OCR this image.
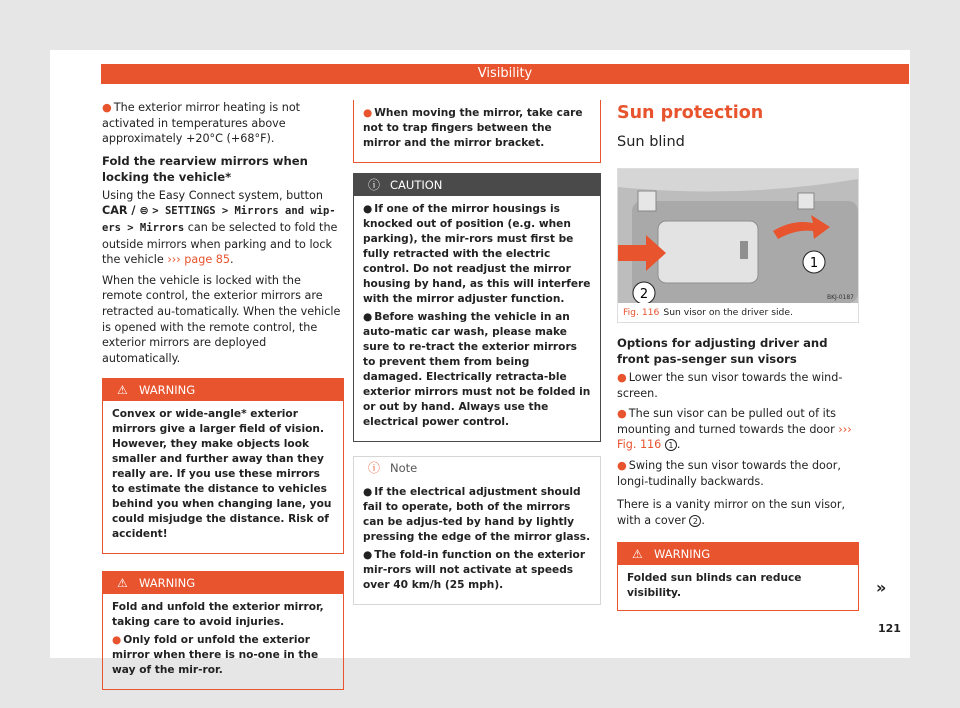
Visibility

● The exterior mirror heating is not activated in temperatures above approximately +20°C (+68°F).

Fold the rearview mirrors when locking the vehicle*

Using the Easy Connect system, button CAR / ⊜ > SETTINGS > Mirrors and wip-ers > Mirrors can be selected to fold the outside mirrors when parking and to lock the vehicle ››› page 85.

When the vehicle is locked with the remote control, the exterior mirrors are retracted au-tomatically. When the vehicle is opened with the remote control, the exterior mirrors are deployed automatically.

⚠ WARNING

Convex or wide-angle* exterior mirrors give a larger field of vision. However, they make objects look smaller and further away than they really are. If you use these mirrors to estimate the distance to vehicles behind you when changing lane, you could misjudge the distance. Risk of accident!

⚠ WARNING

Fold and unfold the exterior mirror, taking care to avoid injuries.

● Only fold or unfold the exterior mirror when there is no-one in the way of the mir-ror.

● When moving the mirror, take care not to trap fingers between the mirror and the mirror bracket.

ⓘ CAUTION

● If one of the mirror housings is knocked out of position (e.g. when parking), the mir-rors must first be fully retracted with the electric control. Do not readjust the mirror housing by hand, as this will interfere with the mirror adjuster function.

● Before washing the vehicle in an auto-matic car wash, please make sure to re-tract the exterior mirrors to prevent them from being damaged. Electrically retracta-ble exterior mirrors must not be folded in or out by hand. Always use the electrical power control.

ⓘ Note

● If the electrical adjustment should fail to operate, both of the mirrors can be adjus-ted by hand by lightly pressing the edge of the mirror glass.

● The fold-in function on the exterior mir-rors will not activate at speeds over 40 km/h (25 mph).

Sun protection
Sun blind
1
2	BKJ-0187
Fig. 116 Sun visor on the driver side.
Options for adjusting driver and front pas-senger sun visors

● Lower the sun visor towards the wind-screen.

● The sun visor can be pulled out of its mounting and turned towards the door ››› Fig. 116 1 .

● Swing the sun visor towards the door, longi-tudinally backwards.

There is a vanity mirror on the sun visor, with a cover 2 .

⚠ WARNING

Folded sun blinds can reduce visibility.	»
121
